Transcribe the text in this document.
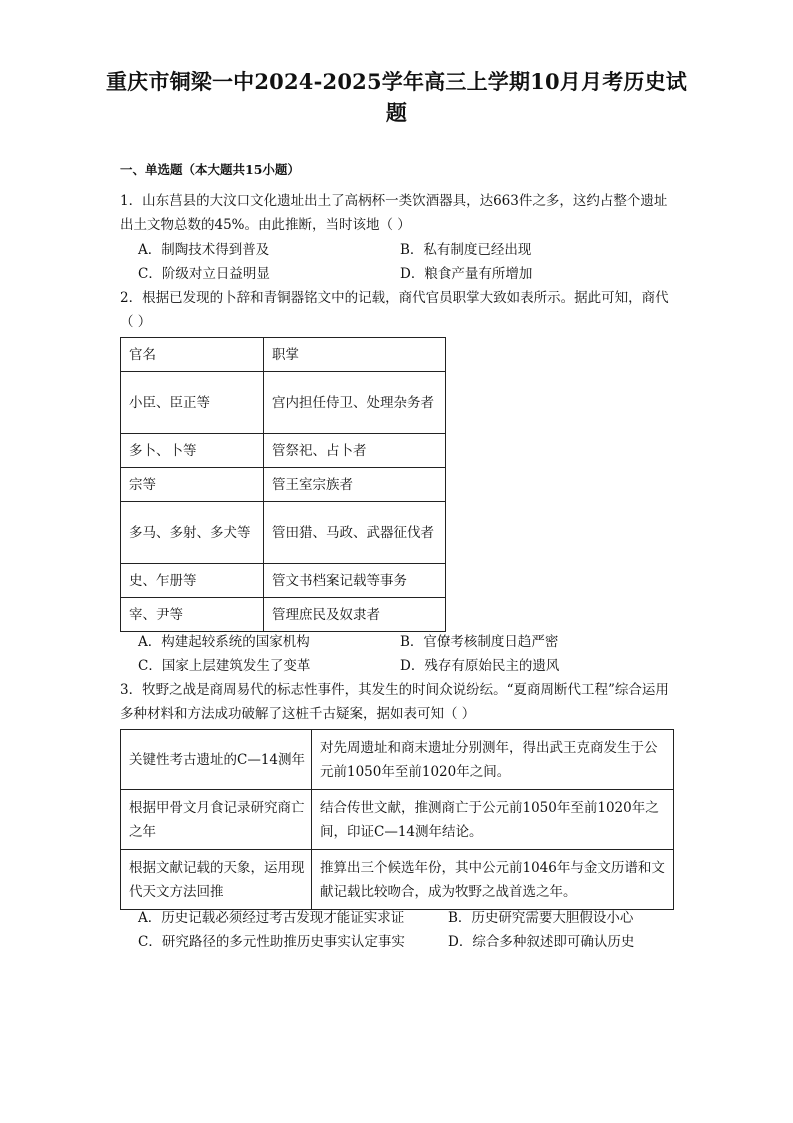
重庆市铜梁一中2024-2025学年高三上学期10月月考历史试题
一、单选题（本大题共15小题）
1．山东莒县的大汶口文化遗址出土了高柄杯一类饮酒器具，达663件之多，这约占整个遗址出土文物总数的45%。由此推断，当时该地（ ）
A．制陶技术得到普及	B．私有制度已经出现
C．阶级对立日益明显	D．粮食产量有所增加
2．根据已发现的卜辞和青铜器铭文中的记载，商代官员职掌大致如表所示。据此可知，商代（ ）
官名	职掌
小臣、臣正等	宫内担任侍卫、处理杂务者
多卜、卜等	管祭祀、占卜者
宗等	管王室宗族者
多马、多射、多犬等	管田猎、马政、武器征伐者
史、乍册等	管文书档案记载等事务
宰、尹等	管理庶民及奴隶者
A．构建起较系统的国家机构	B．官僚考核制度日趋严密
C．国家上层建筑发生了变革	D．残存有原始民主的遗风
3．牧野之战是商周易代的标志性事件，其发生的时间众说纷纭。“夏商周断代工程”综合运用多种材料和方法成功破解了这桩千古疑案，据如表可知（ ）
关键性考古遗址的C—14测年	对先周遗址和商末遗址分别测年，得出武王克商发生于公元前1050年至前1020年之间。
根据甲骨文月食记录研究商亡之年	结合传世文献，推测商亡于公元前1050年至前1020年之间，印证C—14测年结论。
根据文献记载的天象，运用现代天文方法回推	推算出三个候选年份，其中公元前1046年与金文历谱和文献记载比较吻合，成为牧野之战首选之年。
A．历史记载必须经过考古发现才能证实求证	B．历史研究需要大胆假设小心
C．研究路径的多元性助推历史事实认定事实	D．综合多种叙述即可确认历史
